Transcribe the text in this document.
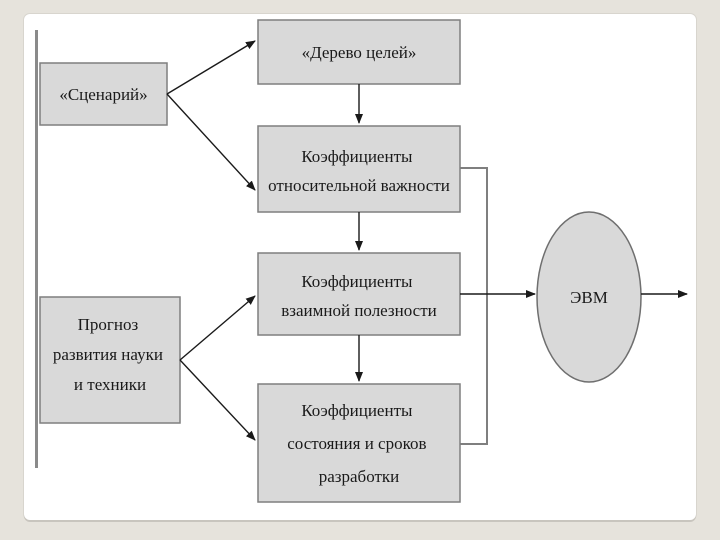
«Сценарий»
«Дерево целей»
Коэффициенты относительной важности
Коэффициенты взаимной полезности
Прогноз развития науки и техники
Коэффициенты состояния и сроков разработки
ЭВМ
